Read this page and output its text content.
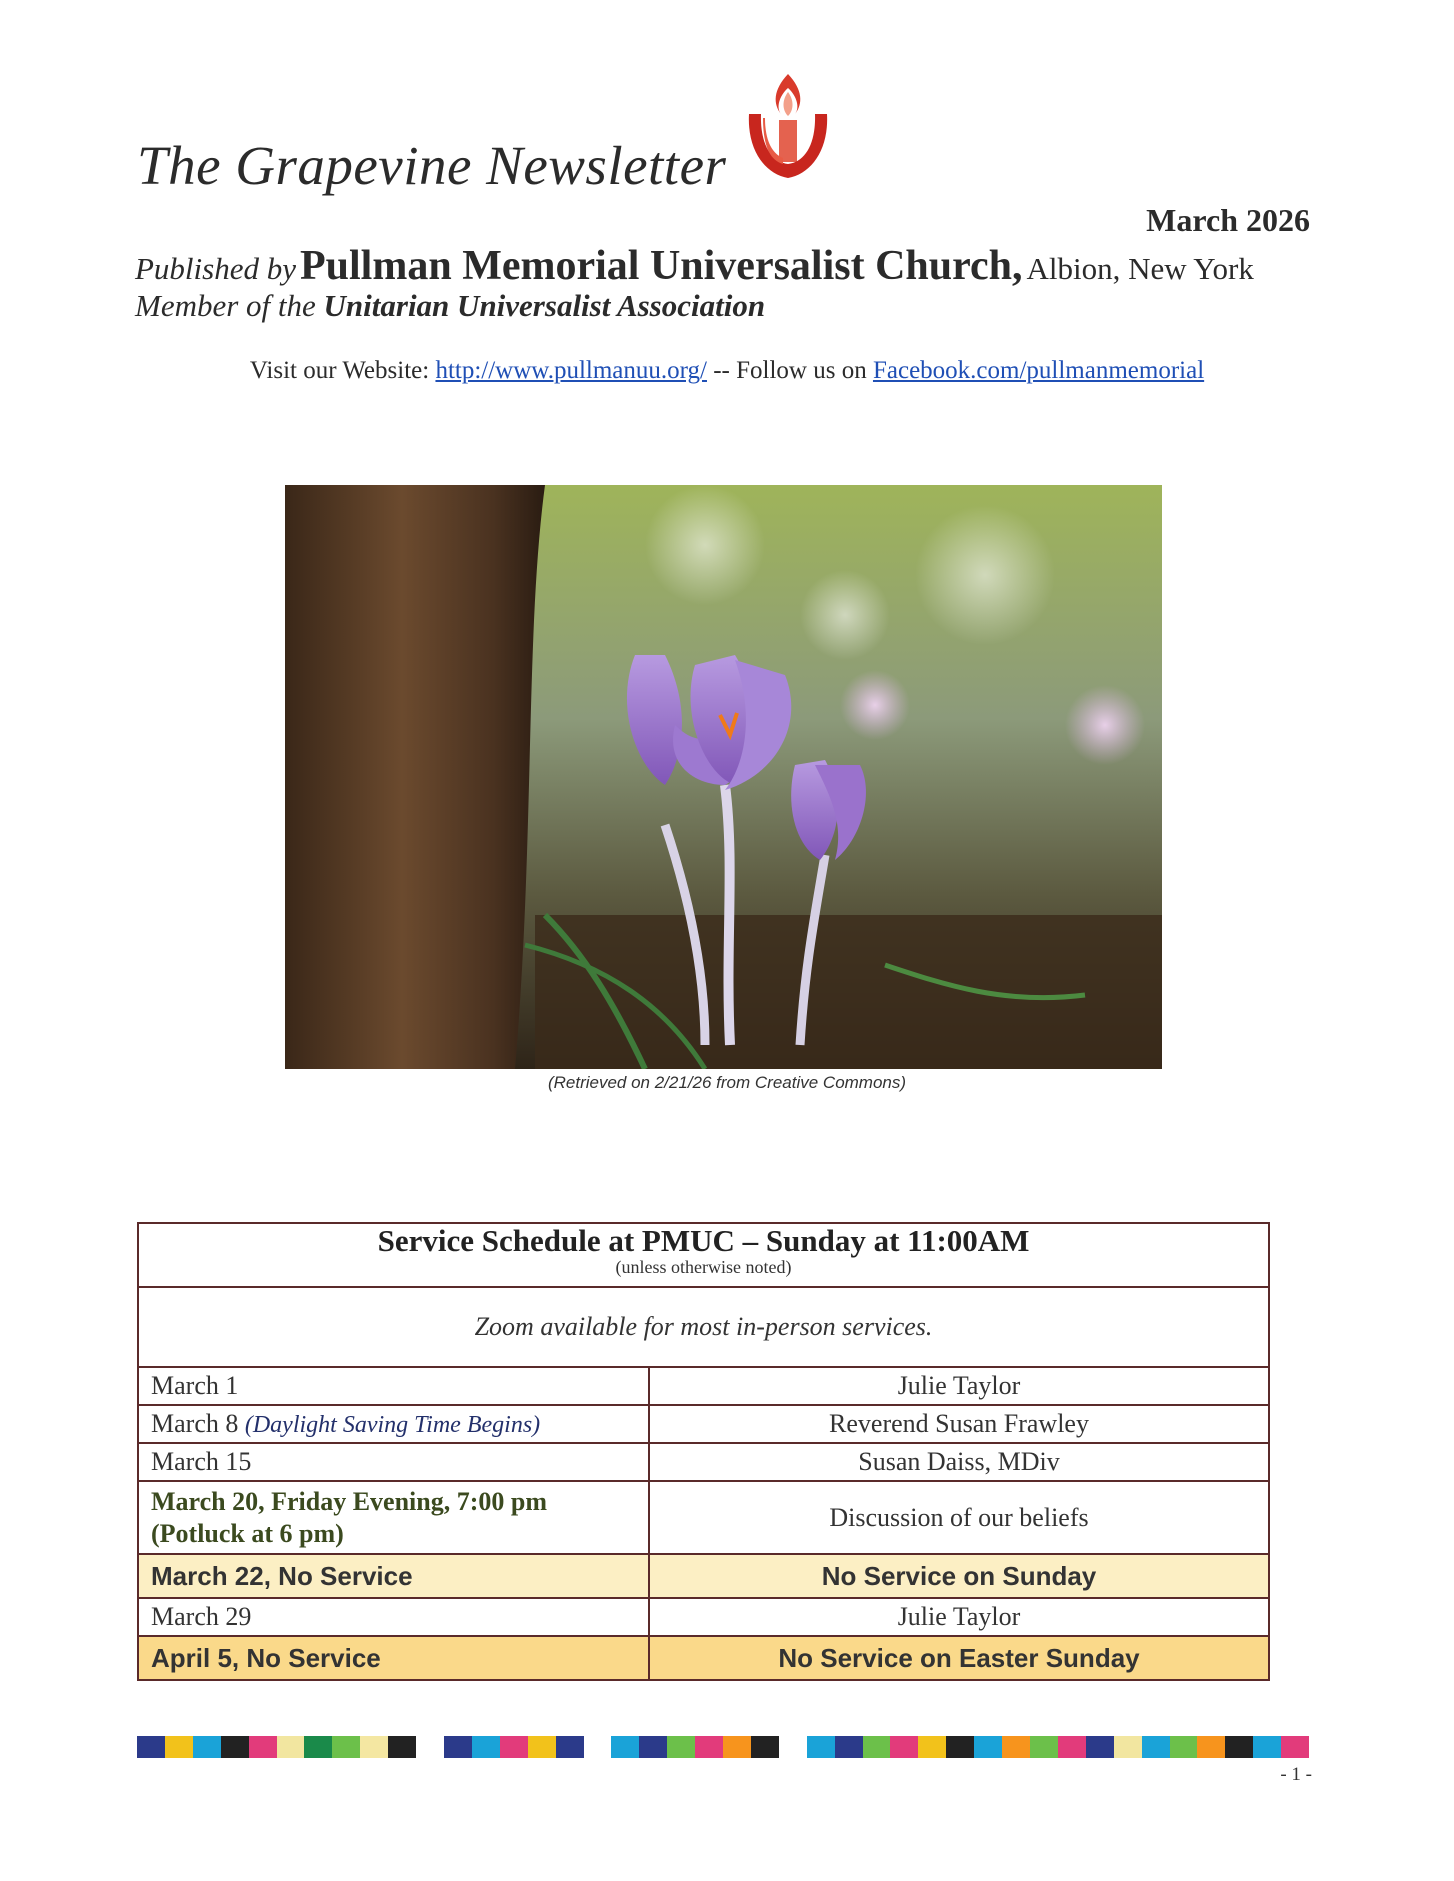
The Grapevine Newsletter
March 2026
Published by Pullman Memorial Universalist Church, Albion, New York
Member of the Unitarian Universalist Association
Visit our Website: http://www.pullmanuu.org/ -- Follow us on Facebook.com/pullmanmemorial
(Retrieved on 2/21/26 from Creative Commons)
Service Schedule at PMUC – Sunday at 11:00AM
(unless otherwise noted)	

Zoom available for most in-person services.	
March 1	Julie Taylor
March 8 (Daylight Saving Time Begins)	Reverend Susan Frawley
March 15	Susan Daiss, MDiv
March 20, Friday Evening, 7:00 pm
(Potluck at 6 pm)	Discussion of our beliefs
March 22, No Service	No Service on Sunday
March 29	Julie Taylor
April 5, No Service	No Service on Easter Sunday
- 1 -
